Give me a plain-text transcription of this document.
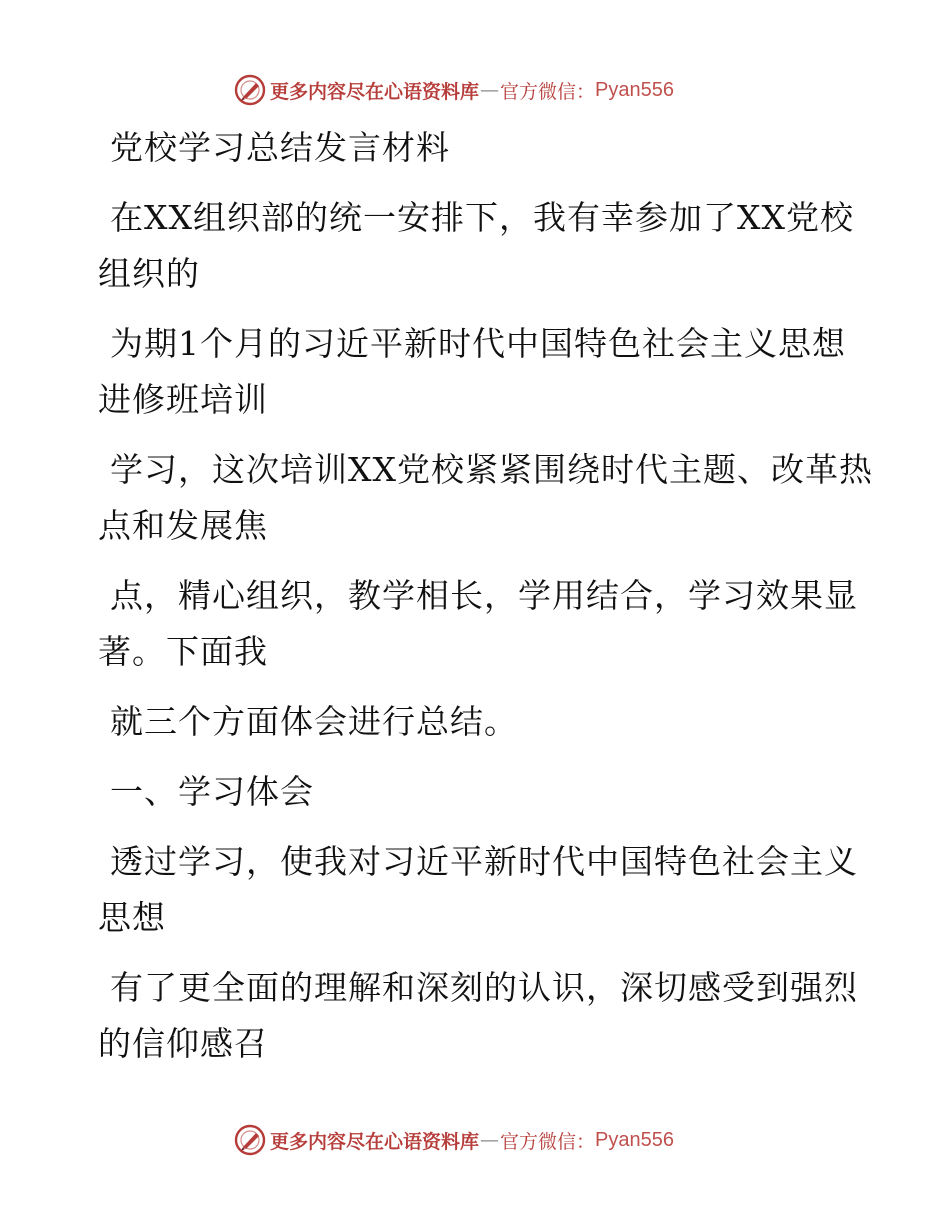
更多内容尽在心语资料库 — 官方微信： Pyan556

党校学习总结发言材料

在XX组织部的统一安排下，我有幸参加了XX党校组织的

为期1个月的习近平新时代中国特色社会主义思想进修班培训

学习，这次培训XX党校紧紧围绕时代主题、改革热点和发展焦

点，精心组织，教学相长，学用结合，学习效果显著。下面我

就三个方面体会进行总结。

一、学习体会

透过学习，使我对习近平新时代中国特色社会主义思想

有了更全面的理解和深刻的认识，深切感受到强烈的信仰感召

更多内容尽在心语资料库 — 官方微信： Pyan556
